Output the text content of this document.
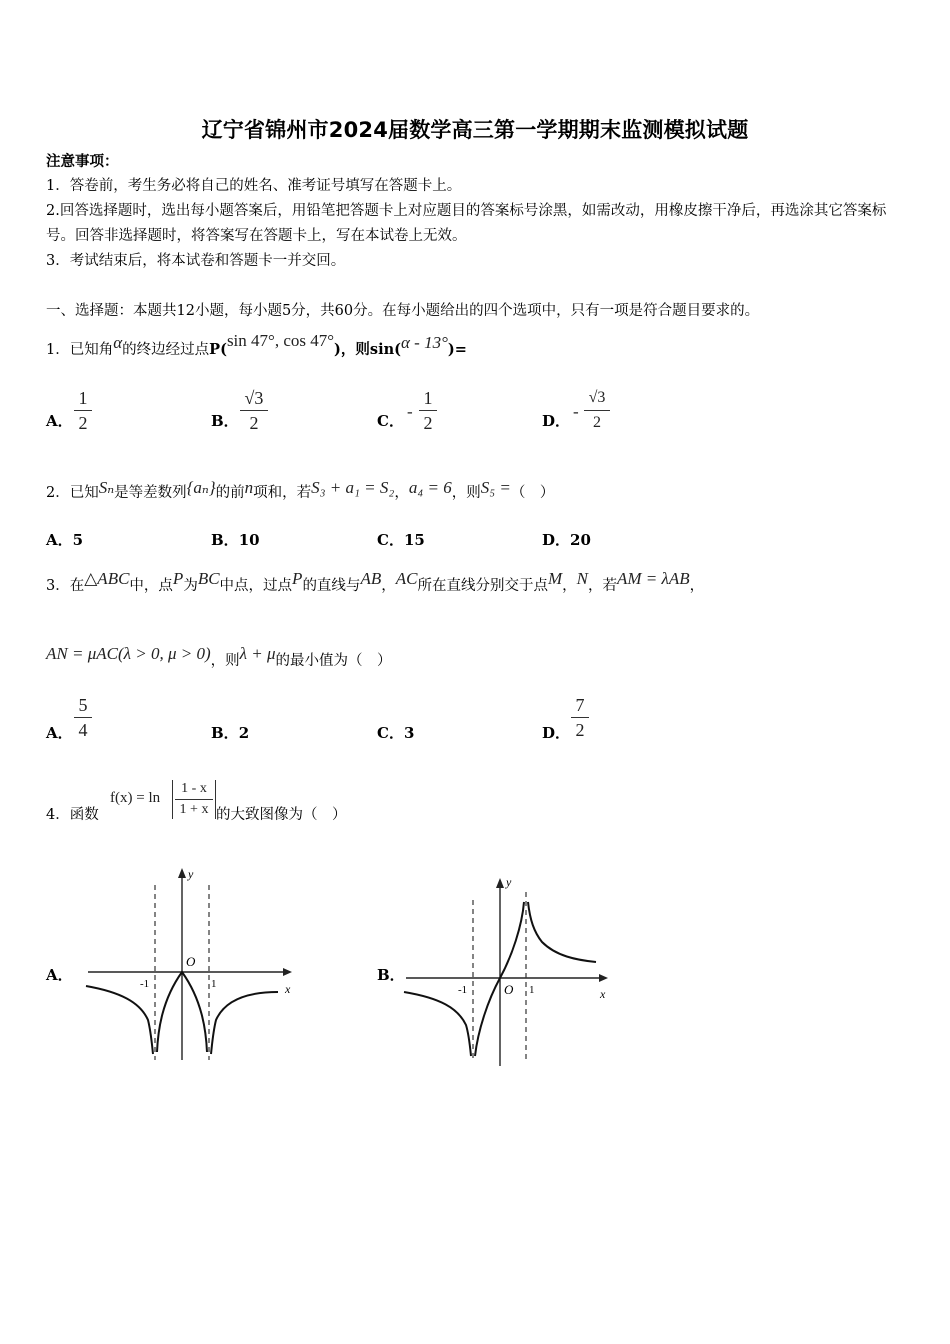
辽宁省锦州市2024届数学高三第一学期期末监测模拟试题
注意事项：
1．答卷前，考生务必将自己的姓名、准考证号填写在答题卡上。
2.回答选择题时，选出每小题答案后，用铅笔把答题卡上对应题目的答案标号涂黑，如需改动，用橡皮擦干净后，再选涂其它答案标号。回答非选择题时，将答案写在答题卡上，写在本试卷上无效。
3．考试结束后，将本试卷和答题卡一并交回。
一、选择题：本题共12小题，每小题5分，共60分。在每小题给出的四个选项中，只有一项是符合题目要求的。
1．已知角α的终边经过点P(sin 47°, cos 47°)，则sin(α - 13°)=
A．
1
2	B．
√3
2	C． -
1
2	D． -
√3
2
2．已知Sₙ是等差数列{aₙ}的前n项和，若S₃ + a₁ = S₂，a₄ = 6，则S₅ =（　）
A．5	B．10	C．15	D．20
3．在△ABC中，点P为BC中点，过点P的直线与AB，AC所在直线分别交于点M，N，若AM = λAB，
AN = μAC(λ > 0, μ > 0)，则λ + μ的最小值为（　）
A．
5
4	B．2	C．3	D．
7
2
4．函数
f(x) = ln
1 - x
1 + x 的大致图像为（　）
A．
y
x
O
-1	1	B．
y
x
O
-1	1
